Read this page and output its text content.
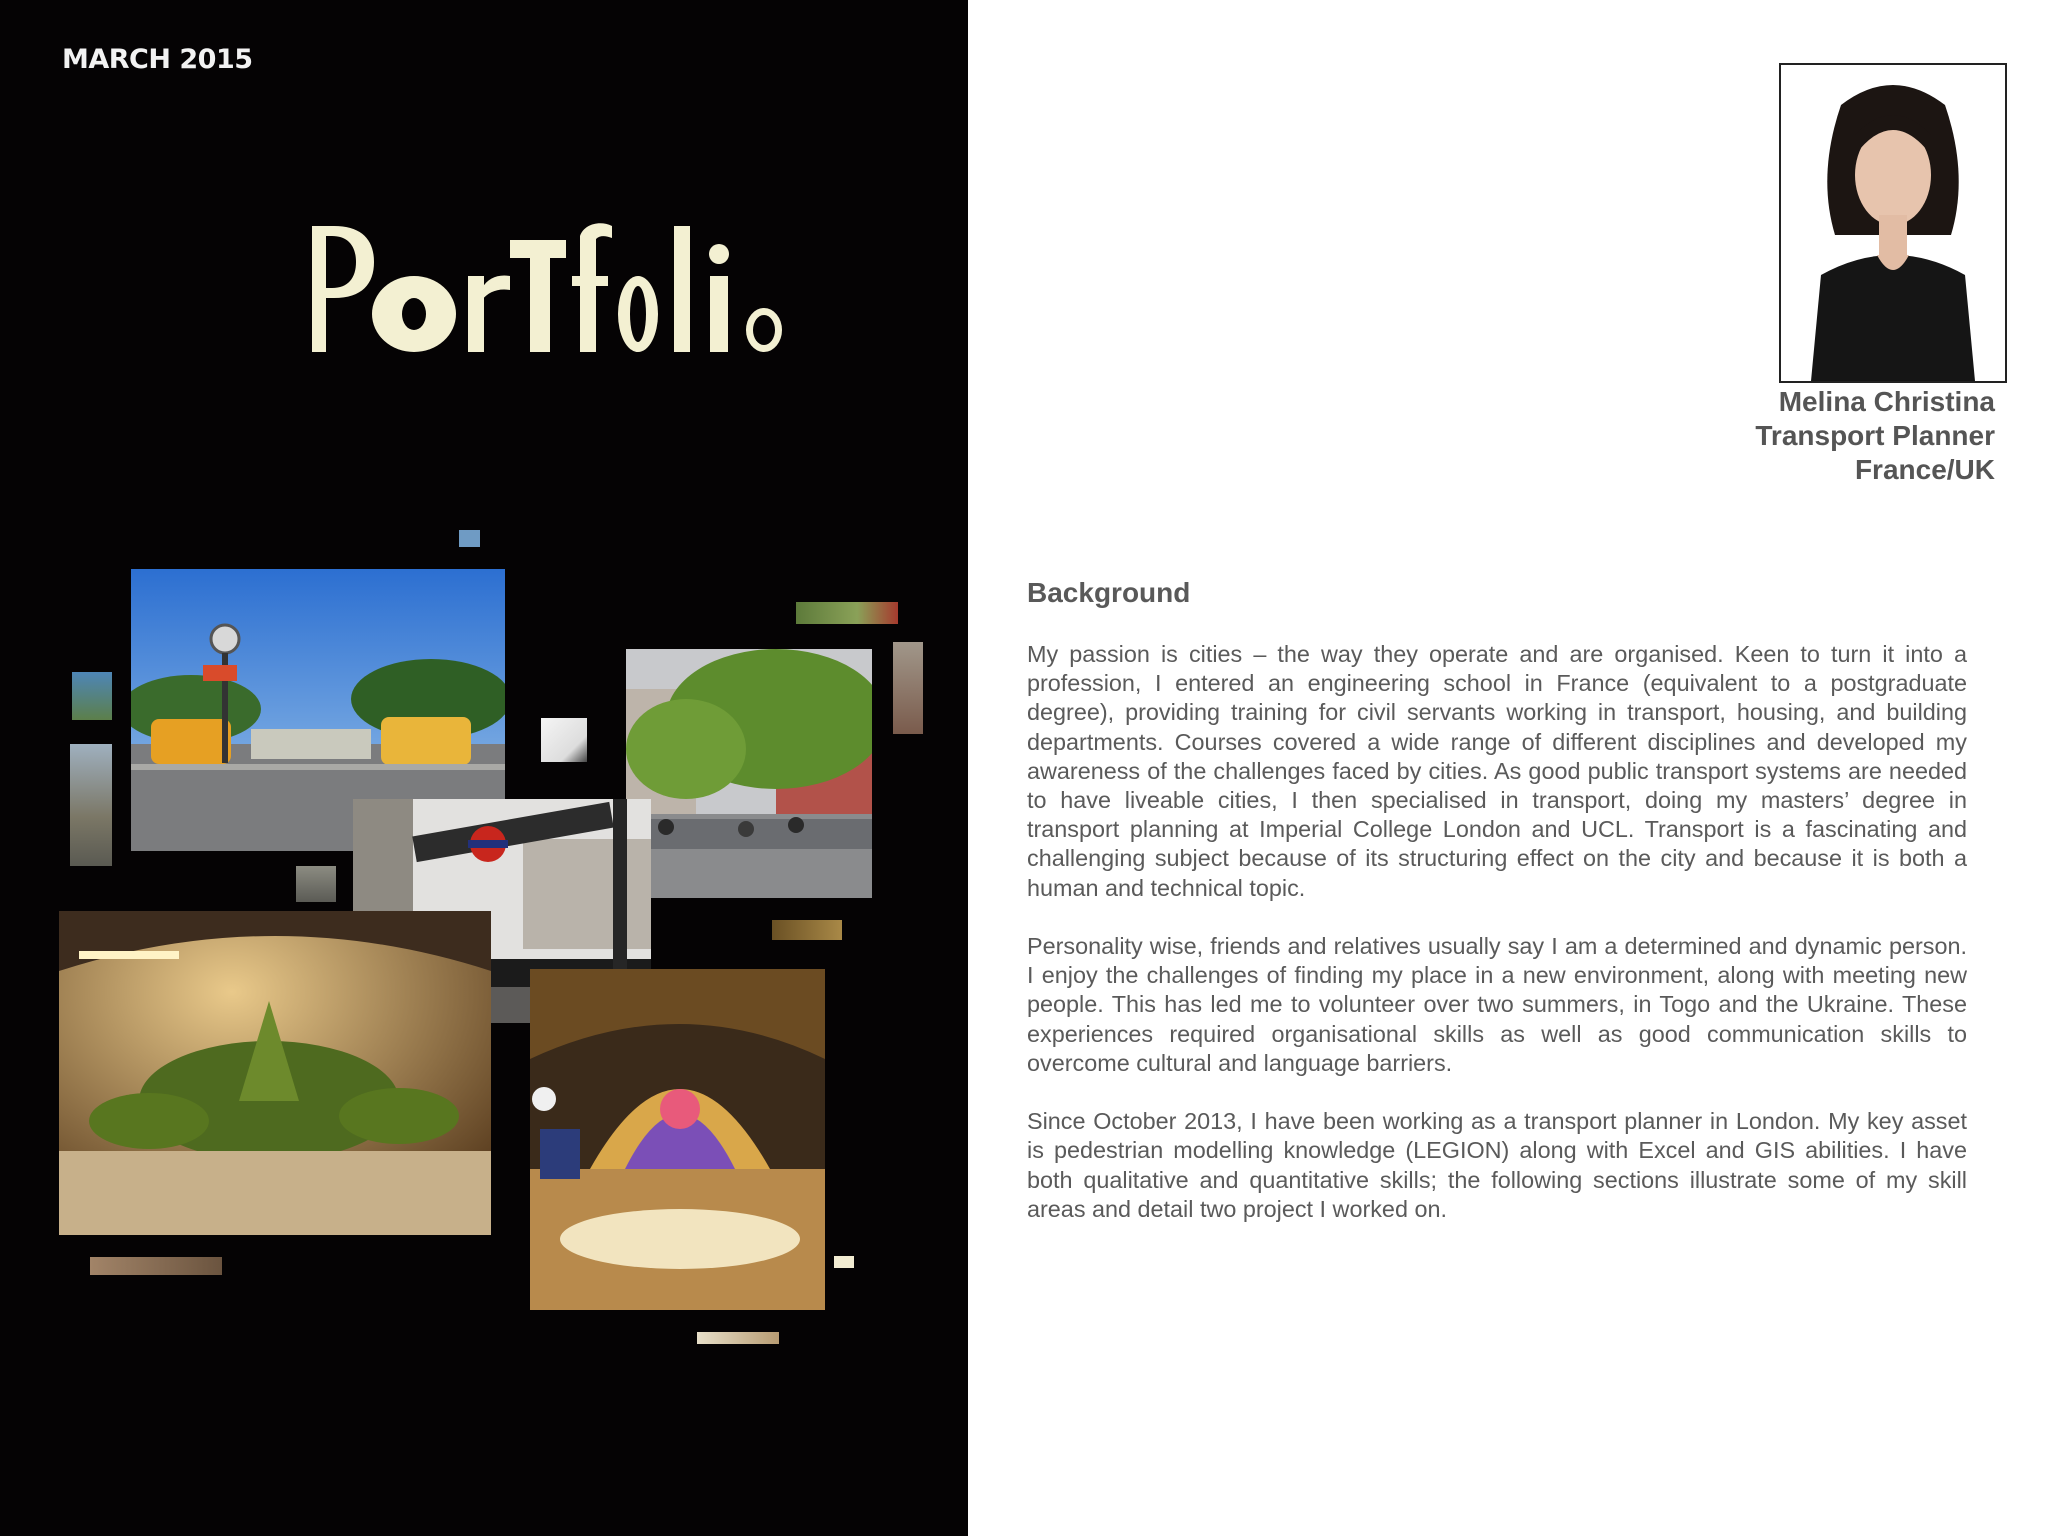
MARCH 2015
Melina Christina
Transport Planner
France/UK
Background

My passion is cities – the way they operate and are organised. Keen to turn it into a profession, I entered an engineering school in France (equivalent to a postgraduate degree), providing training for civil servants working in transport, housing, and building departments. Courses covered a wide range of different disciplines and developed my awareness of the challenges faced by cities. As good public transport systems are needed to have liveable cities, I then specialised in transport, doing my masters’ degree in transport planning at Imperial College London and UCL. Transport is a fascinating and challenging subject because of its structuring effect on the city and because it is both a human and technical topic.

Personality wise, friends and relatives usually say I am a determined and dynamic person. I enjoy the challenges of finding my place in a new environment, along with meeting new people. This has led me to volunteer over two summers, in Togo and the Ukraine. These experiences required organisational skills as well as good communication skills to overcome cultural and language barriers.

Since October 2013, I have been working as a transport planner in London. My key asset is pedestrian modelling knowledge (LEGION) along with Excel and GIS abilities. I have both qualitative and quantitative skills; the following sections illustrate some of my skill areas and detail two project I worked on.
